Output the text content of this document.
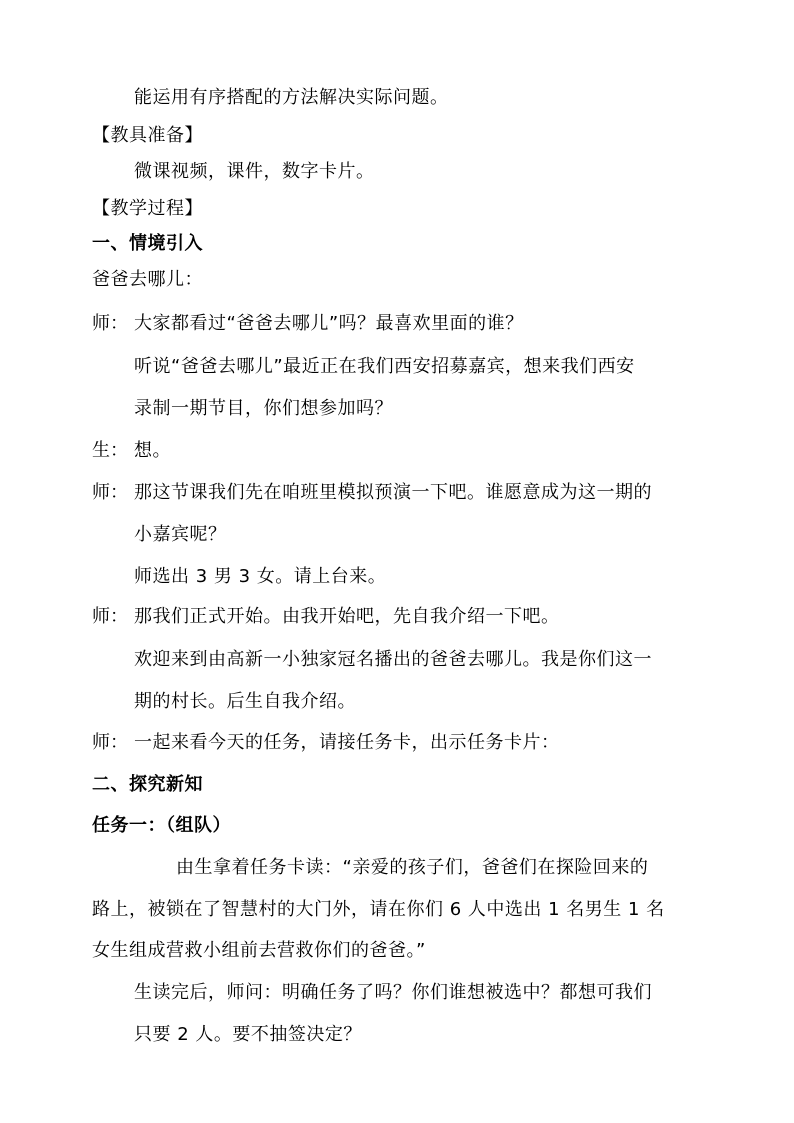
能运用有序搭配的方法解决实际问题。
【教具准备】
微课视频，课件，数字卡片。
【教学过程】
一、情境引入
爸爸去哪儿：
师： 大家都看过“爸爸去哪儿”吗？最喜欢里面的谁？
听说“爸爸去哪儿”最近正在我们西安招募嘉宾，想来我们西安
录制一期节目，你们想参加吗？
生： 想。
师： 那这节课我们先在咱班里模拟预演一下吧。谁愿意成为这一期的
小嘉宾呢？
师选出 3 男 3 女。请上台来。
师： 那我们正式开始。由我开始吧，先自我介绍一下吧。
欢迎来到由高新一小独家冠名播出的爸爸去哪儿。我是你们这一
期的村长。后生自我介绍。
师： 一起来看今天的任务，请接任务卡，出示任务卡片：
二、探究新知
任务一：（组队）
由生拿着任务卡读：“亲爱的孩子们，爸爸们在探险回来的
路上，被锁在了智慧村的大门外，请在你们 6 人中选出 1 名男生 1 名
女生组成营救小组前去营救你们的爸爸。”
生读完后，师问：明确任务了吗？你们谁想被选中？都想可我们
只要 2 人。要不抽签决定？
